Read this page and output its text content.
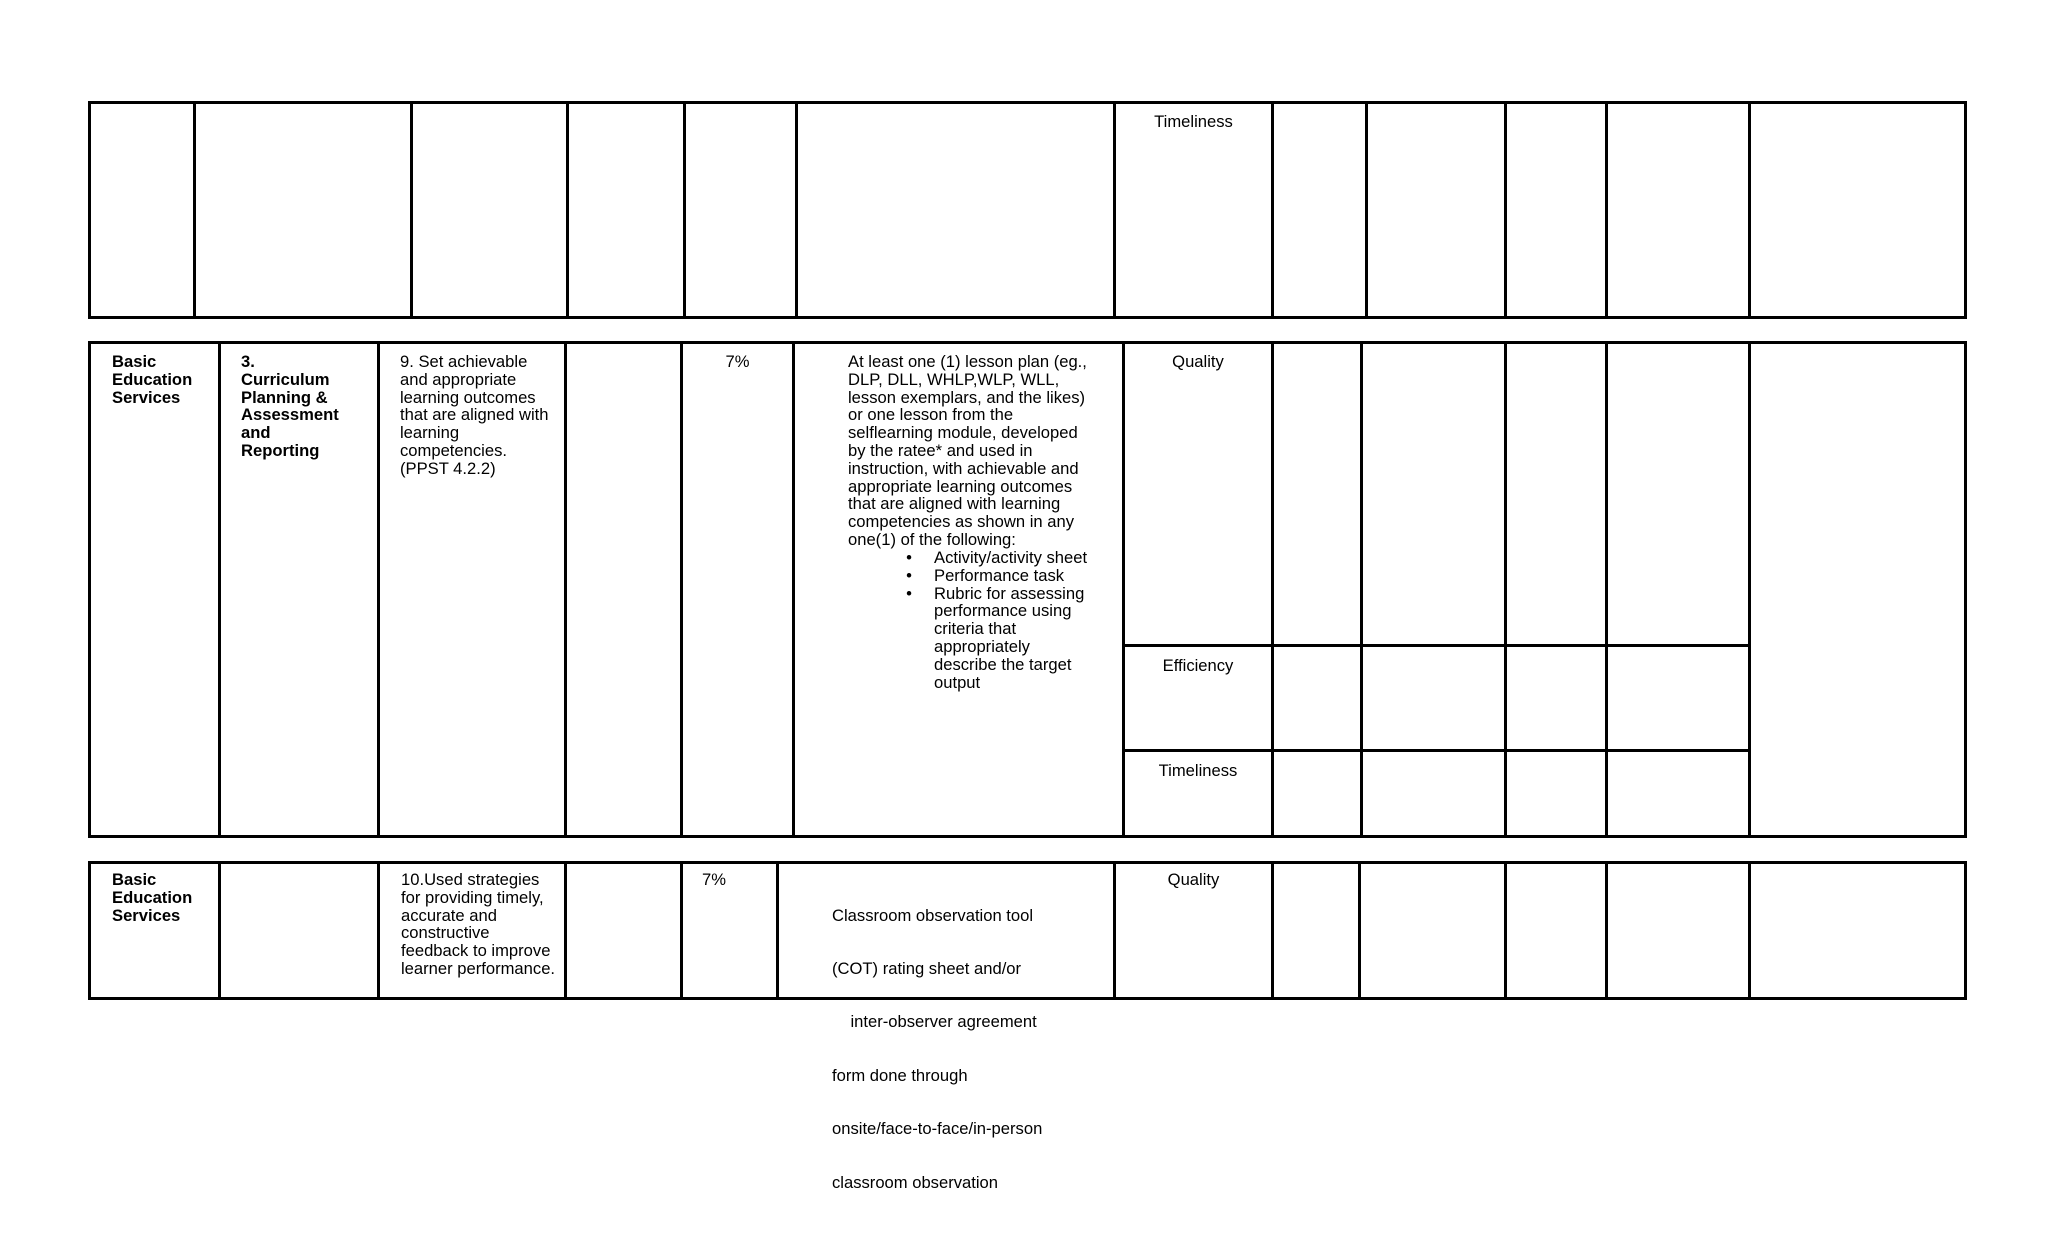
Timeliness
Basic
Education
Services
3.
Curriculum
Planning &
Assessment
and
Reporting
9. Set achievable
and appropriate
learning outcomes
that are aligned with
learning
competencies.
(PPST 4.2.2)
7%	At least one (1) lesson plan (eg.,
DLP, DLL, WHLP,WLP, WLL,
lesson exemplars, and the likes)
or one lesson from the
selflearning module, developed
by the ratee* and used in
instruction, with achievable and
appropriate learning outcomes
that are aligned with learning
competencies as shown in any
one(1) of the following:
• Activity/activity sheet
• Performance task
• Rubric for assessing
performance using
criteria that
appropriately
describe the target
output
Quality
Efficiency
Timeliness
Basic
Education
Services
10.Used strategies
for providing timely,
accurate and
constructive
feedback to improve
learner performance.
7%

Classroom observation tool

(COT) rating sheet and/or

inter-observer agreement

form done through

onsite/face-to-face/in-person

classroom observation

Quality
